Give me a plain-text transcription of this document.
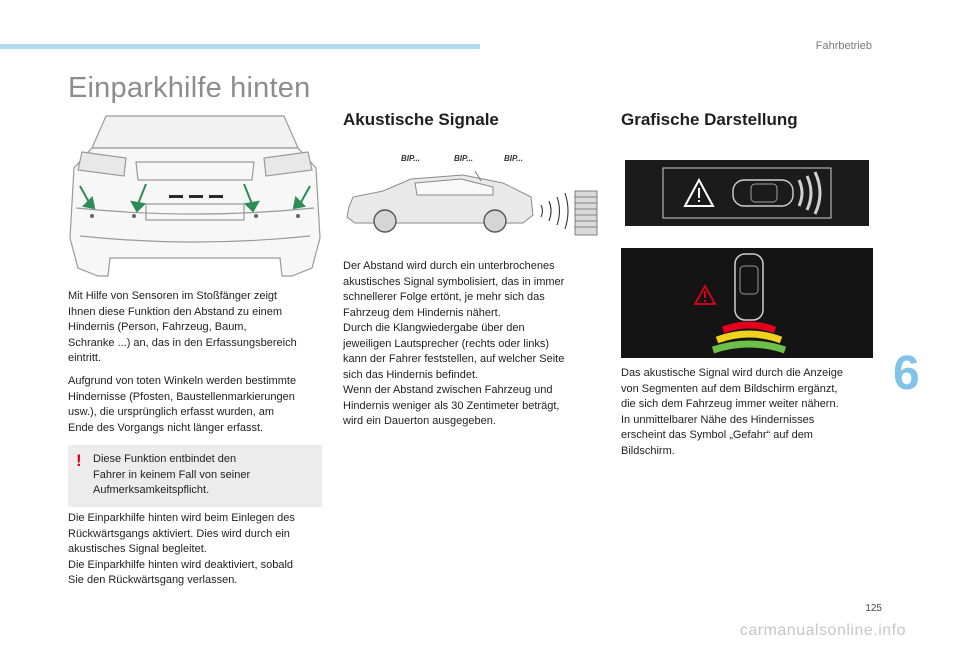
Fahrbetrieb
Einparkhilfe hinten
Mit Hilfe von Sensoren im Stoßfänger zeigt
Ihnen diese Funktion den Abstand zu einem
Hindernis (Person, Fahrzeug, Baum,
Schranke ...) an, das in den Erfassungsbereich
eintritt.
Aufgrund von toten Winkeln werden bestimmte
Hindernisse (Pfosten, Baustellenmarkierungen
usw.), die ursprünglich erfasst wurden, am
Ende des Vorgangs nicht länger erfasst.
! Diese Funktion entbindet den
Fahrer in keinem Fall von seiner
Aufmerksamkeitspflicht.
Die Einparkhilfe hinten wird beim Einlegen des
Rückwärtsgangs aktiviert. Dies wird durch ein
akustisches Signal begleitet.
Die Einparkhilfe hinten wird deaktiviert, sobald
Sie den Rückwärtsgang verlassen.
Akustische Signale
BIP...	BIP...	BIP...
Der Abstand wird durch ein unterbrochenes
akustisches Signal symbolisiert, das in immer
schnellerer Folge ertönt, je mehr sich das
Fahrzeug dem Hindernis nähert.
Durch die Klangwiedergabe über den
jeweiligen Lautsprecher (rechts oder links)
kann der Fahrer feststellen, auf welcher Seite
sich das Hindernis befindet.
Wenn der Abstand zwischen Fahrzeug und
Hindernis weniger als 30 Zentimeter beträgt,
wird ein Dauerton ausgegeben.
Grafische Darstellung
Das akustische Signal wird durch die Anzeige
von Segmenten auf dem Bildschirm ergänzt,
die sich dem Fahrzeug immer weiter nähern.
In unmittelbarer Nähe des Hindernisses
erscheint das Symbol „Gefahr“ auf dem
Bildschirm.
6
125
carmanualsonline.info
